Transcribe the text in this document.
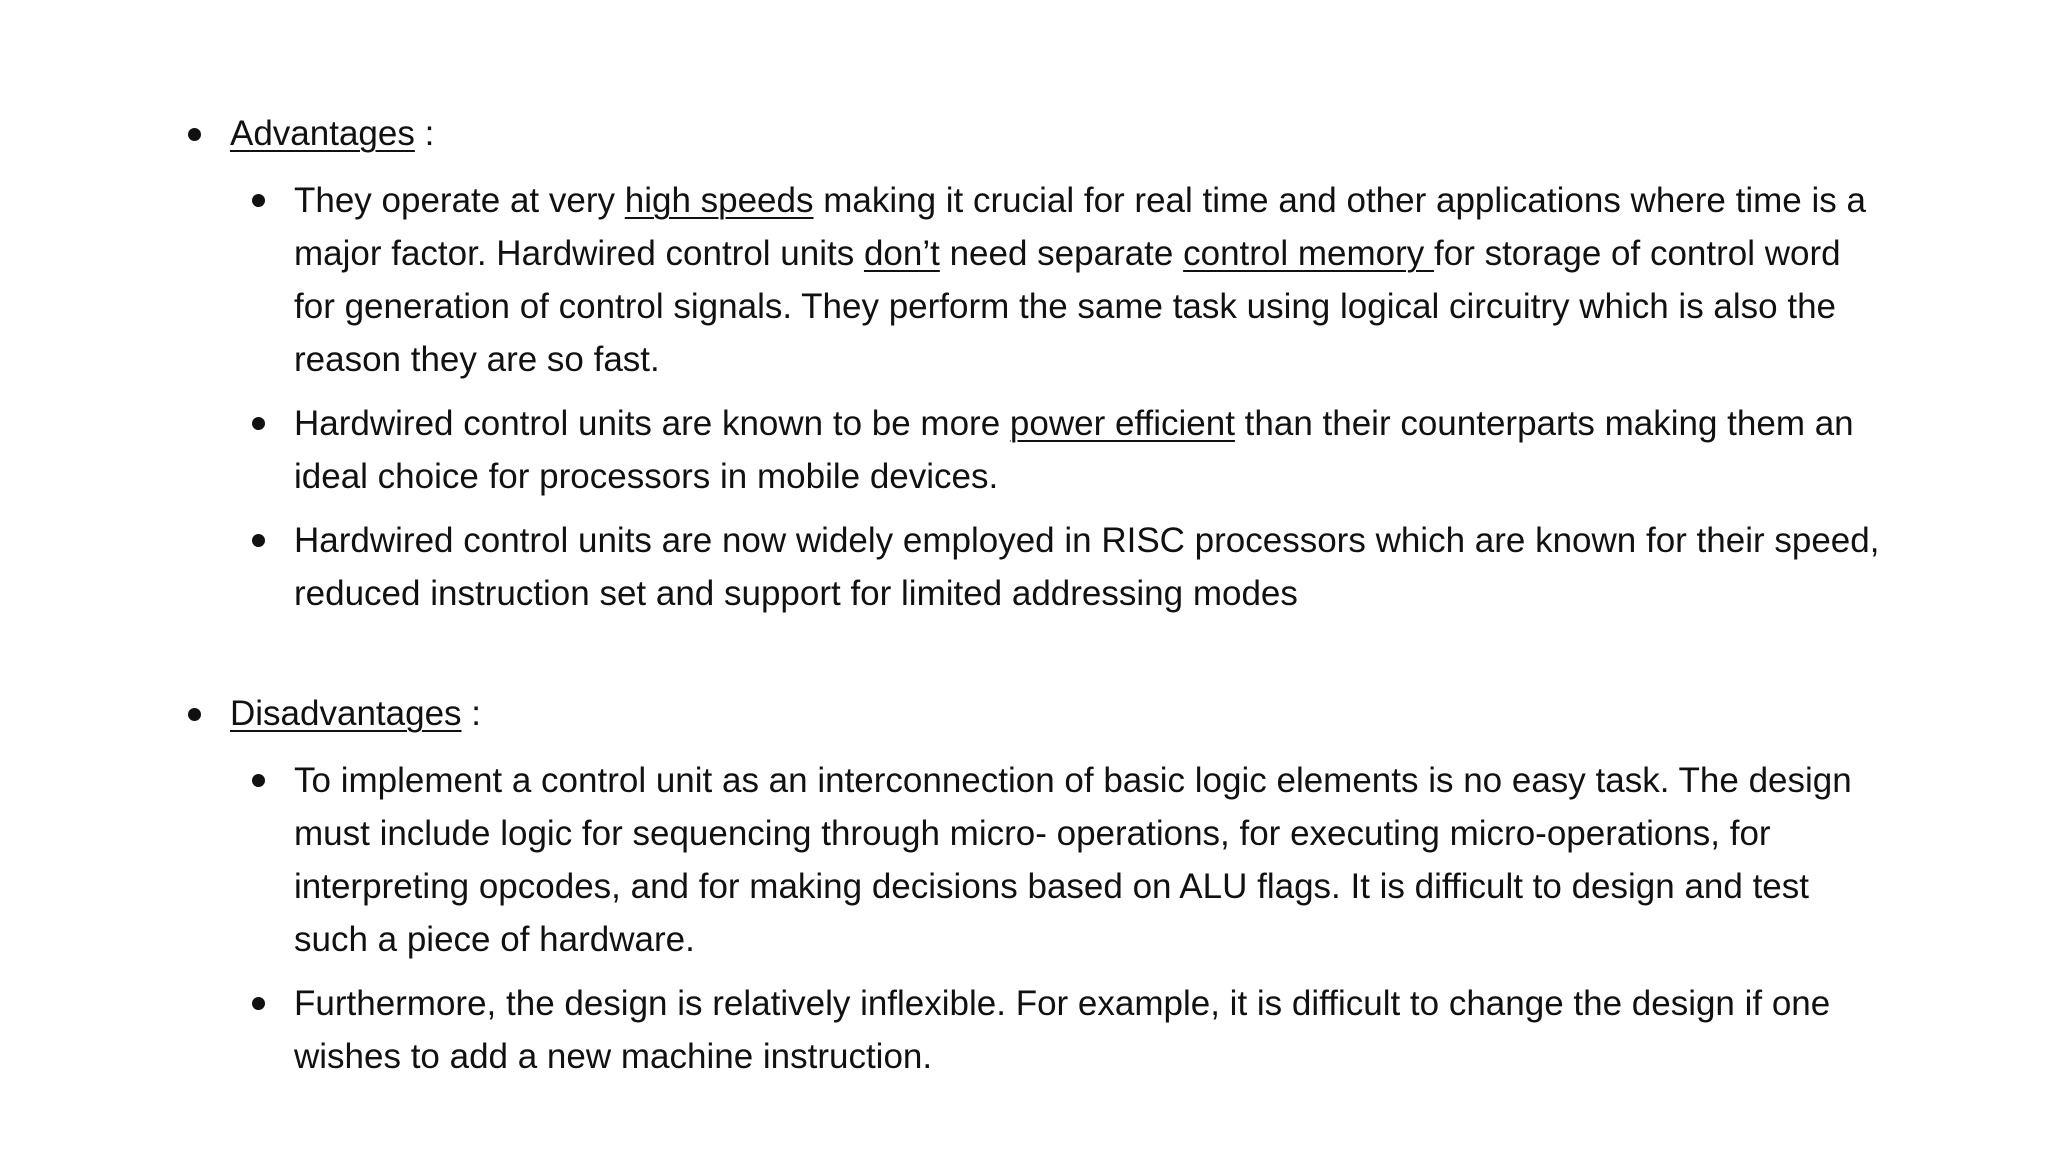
Advantages :
They operate at very high speeds making it crucial for real time and other applications where time is a major factor. Hardwired control units don’t need separate control memory for storage of control word for generation of control signals. They perform the same task using logical circuitry which is also the reason they are so fast.
Hardwired control units are known to be more power efficient than their counterparts making them an ideal choice for processors in mobile devices.
Hardwired control units are now widely employed in RISC processors which are known for their speed, reduced instruction set and support for limited addressing modes
Disadvantages :
To implement a control unit as an interconnection of basic logic elements is no easy task. The design must include logic for sequencing through micro- operations, for executing micro-operations, for interpreting opcodes, and for making decisions based on ALU flags. It is difficult to design and test such a piece of hardware.
Furthermore, the design is relatively inflexible. For example, it is difficult to change the design if one wishes to add a new machine instruction.
